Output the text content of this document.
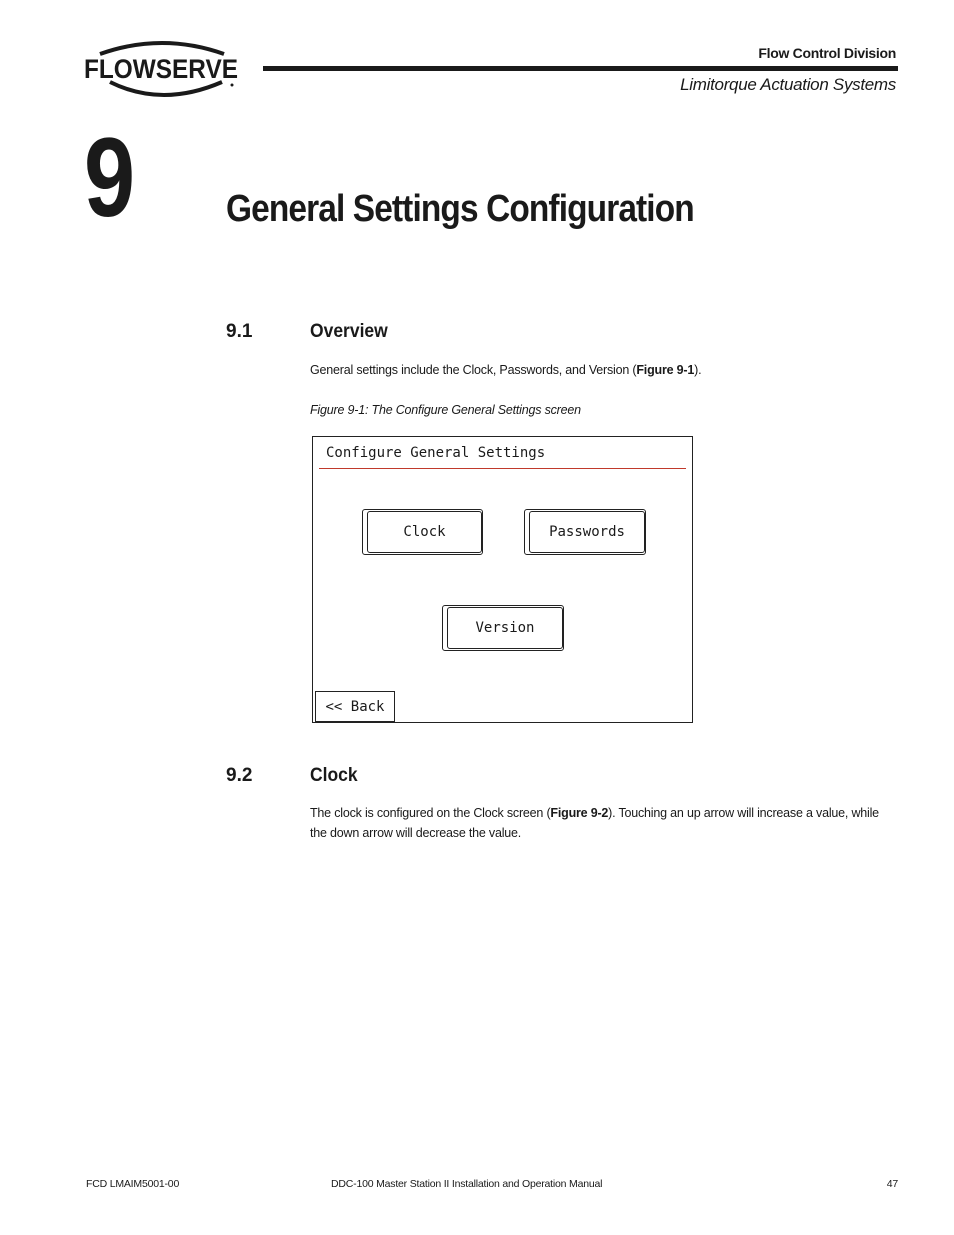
FLOWSERVE
Flow Control Division
Limitorque Actuation Systems
9 General Settings Configuration
9.1	Overview
General settings include the Clock, Passwords, and Version (Figure 9-1).
Figure 9-1: The Configure General Settings screen
Configure General Settings
Clock	Passwords
Version
<< Back
9.2	Clock
The clock is configured on the Clock screen (Figure 9-2). Touching an up arrow will increase a value, while the down arrow will decrease the value.
FCD LMAIM5001-00	DDC-100 Master Station II Installation and Operation Manual	47
